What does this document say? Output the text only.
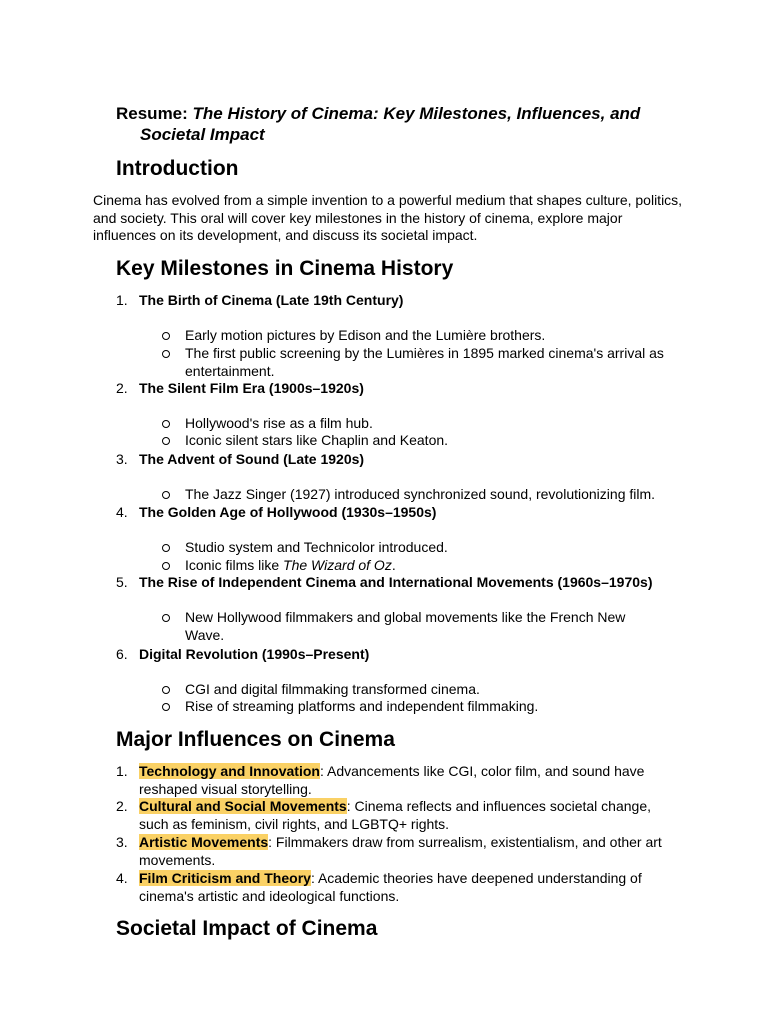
Resume: The History of Cinema: Key Milestones, Influences, and Societal Impact
Introduction

Cinema has evolved from a simple invention to a powerful medium that shapes culture, politics, and society. This oral will cover key milestones in the history of cinema, explore major influences on its development, and discuss its societal impact.

Key Milestones in Cinema History
1. The Birth of Cinema (Late 19th Century)
Early motion pictures by Edison and the Lumière brothers.
The first public screening by the Lumières in 1895 marked cinema's arrival as entertainment.
2. The Silent Film Era (1900s–1920s)
Hollywood's rise as a film hub.
Iconic silent stars like Chaplin and Keaton.
3. The Advent of Sound (Late 1920s)
The Jazz Singer (1927) introduced synchronized sound, revolutionizing film.
4. The Golden Age of Hollywood (1930s–1950s)
Studio system and Technicolor introduced.
Iconic films like The Wizard of Oz.
5. The Rise of Independent Cinema and International Movements (1960s–1970s)
New Hollywood filmmakers and global movements like the French New Wave.
6. Digital Revolution (1990s–Present)
CGI and digital filmmaking transformed cinema.
Rise of streaming platforms and independent filmmaking.
Major Influences on Cinema
1. Technology and Innovation: Advancements like CGI, color film, and sound have reshaped visual storytelling.
2. Cultural and Social Movements: Cinema reflects and influences societal change, such as feminism, civil rights, and LGBTQ+ rights.
3. Artistic Movements: Filmmakers draw from surrealism, existentialism, and other art movements.
4. Film Criticism and Theory: Academic theories have deepened understanding of cinema's artistic and ideological functions.
Societal Impact of Cinema
